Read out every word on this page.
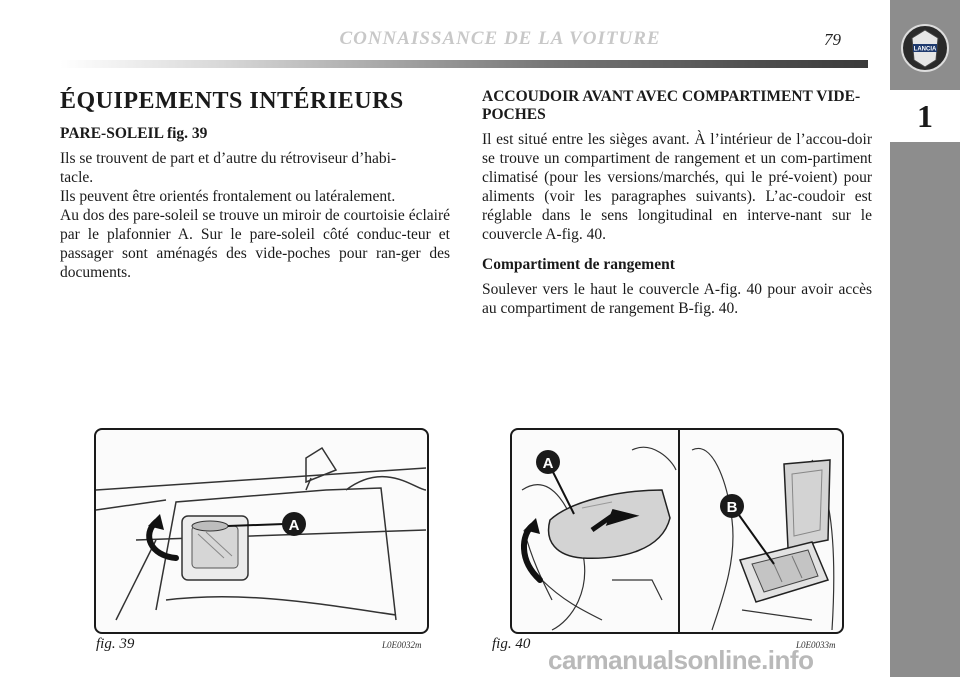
CONNAISSANCE DE LA VOITURE	79
LANCIA
1
ÉQUIPEMENTS INTÉRIEURS
PARE-SOLEIL fig. 39

Ils se trouvent de part et d’autre du rétroviseur d’habi-
tacle.
Ils peuvent être orientés frontalement ou latéralement.
Au dos des pare-soleil se trouve un miroir de courtoisie éclairé par le plafonnier A. Sur le pare-soleil côté conduc-teur et passager sont aménagés des vide-poches pour ran-ger des documents.

ACCOUDOIR AVANT AVEC COMPARTIMENT VIDE-POCHES

Il est situé entre les sièges avant. À l’intérieur de l’accou-doir se trouve un compartiment de rangement et un com-partiment climatisé (pour les versions/marchés, qui le pré-voient) pour aliments (voir les paragraphes suivants). L’ac-coudoir est réglable dans le sens longitudinal en interve-nant sur le couvercle A-fig. 40.

Compartiment de rangement

Soulever vers le haut le couvercle A-fig. 40 pour avoir accès au compartiment de rangement B-fig. 40.

A
A
B
fig. 39	L0E0032m	fig. 40	L0E0033m
carmanualsonline.info
